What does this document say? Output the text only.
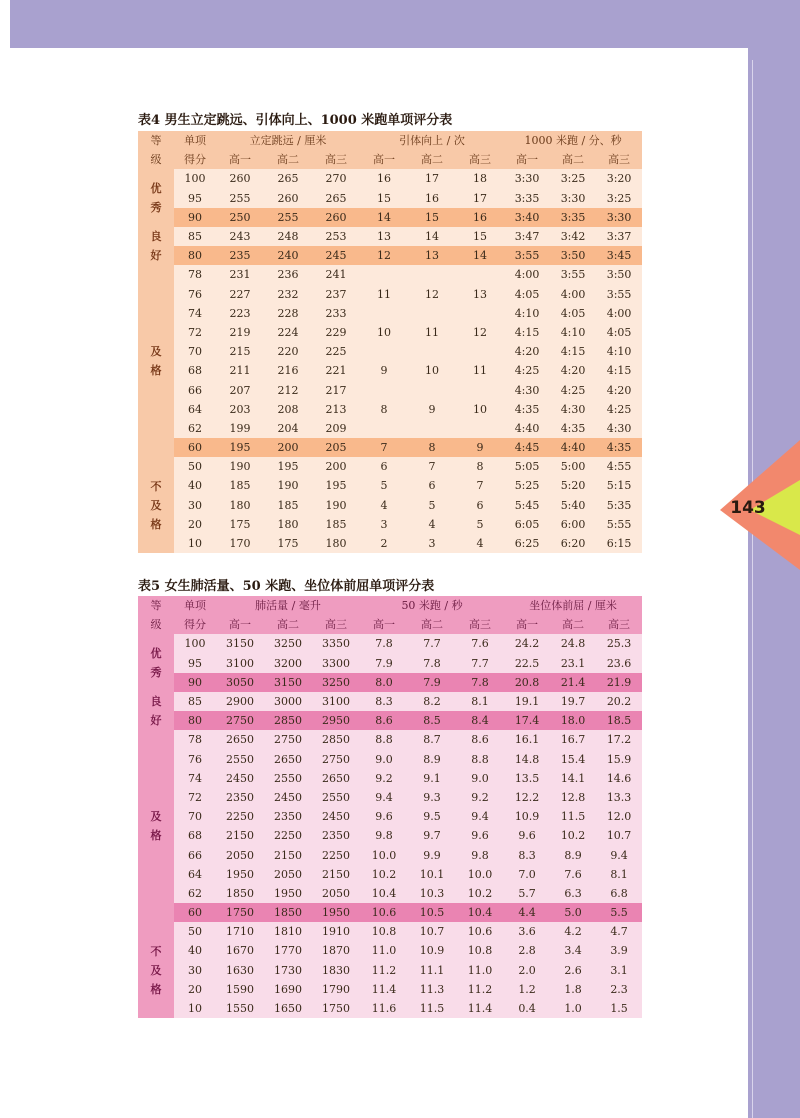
143
表4 男生立定跳远、引体向上、1000 米跑单项评分表
等	单项	立定跳远 / 厘米			引体向上 / 次			1000 米跑 / 分、秒		
级	得分	高一	高二	高三	高一	高二	高三	高一	高二	高三
优
秀	100	260	265	270	16	17	18	3:30	3:25	3:20
	95	255	260	265	15	16	17	3:35	3:30	3:25
	90	250	255	260	14	15	16	3:40	3:35	3:30
良
好	85	243	248	253	13	14	15	3:47	3:42	3:37
	80	235	240	245	12	13	14	3:55	3:50	3:45
及
格	78	231	236	241				4:00	3:55	3:50
	76	227	232	237	11	12	13	4:05	4:00	3:55
	74	223	228	233				4:10	4:05	4:00
	72	219	224	229	10	11	12	4:15	4:10	4:05
	70	215	220	225				4:20	4:15	4:10
	68	211	216	221	9	10	11	4:25	4:20	4:15
	66	207	212	217				4:30	4:25	4:20
	64	203	208	213	8	9	10	4:35	4:30	4:25
	62	199	204	209				4:40	4:35	4:30
	60	195	200	205	7	8	9	4:45	4:40	4:35
不
及
格	50	190	195	200	6	7	8	5:05	5:00	4:55
	40	185	190	195	5	6	7	5:25	5:20	5:15
	30	180	185	190	4	5	6	5:45	5:40	5:35
	20	175	180	185	3	4	5	6:05	6:00	5:55
	10	170	175	180	2	3	4	6:25	6:20	6:15
表5 女生肺活量、50 米跑、坐位体前屈单项评分表
等	单项	肺活量 / 毫升			50 米跑 / 秒			坐位体前屈 / 厘米		
级	得分	高一	高二	高三	高一	高二	高三	高一	高二	高三
优
秀	100	3150	3250	3350	7.8	7.7	7.6	24.2	24.8	25.3
	95	3100	3200	3300	7.9	7.8	7.7	22.5	23.1	23.6
	90	3050	3150	3250	8.0	7.9	7.8	20.8	21.4	21.9
良
好	85	2900	3000	3100	8.3	8.2	8.1	19.1	19.7	20.2
	80	2750	2850	2950	8.6	8.5	8.4	17.4	18.0	18.5
及
格	78	2650	2750	2850	8.8	8.7	8.6	16.1	16.7	17.2
	76	2550	2650	2750	9.0	8.9	8.8	14.8	15.4	15.9
	74	2450	2550	2650	9.2	9.1	9.0	13.5	14.1	14.6
	72	2350	2450	2550	9.4	9.3	9.2	12.2	12.8	13.3
	70	2250	2350	2450	9.6	9.5	9.4	10.9	11.5	12.0
	68	2150	2250	2350	9.8	9.7	9.6	9.6	10.2	10.7
	66	2050	2150	2250	10.0	9.9	9.8	8.3	8.9	9.4
	64	1950	2050	2150	10.2	10.1	10.0	7.0	7.6	8.1
	62	1850	1950	2050	10.4	10.3	10.2	5.7	6.3	6.8
	60	1750	1850	1950	10.6	10.5	10.4	4.4	5.0	5.5
不
及
格	50	1710	1810	1910	10.8	10.7	10.6	3.6	4.2	4.7
	40	1670	1770	1870	11.0	10.9	10.8	2.8	3.4	3.9
	30	1630	1730	1830	11.2	11.1	11.0	2.0	2.6	3.1
	20	1590	1690	1790	11.4	11.3	11.2	1.2	1.8	2.3
	10	1550	1650	1750	11.6	11.5	11.4	0.4	1.0	1.5
